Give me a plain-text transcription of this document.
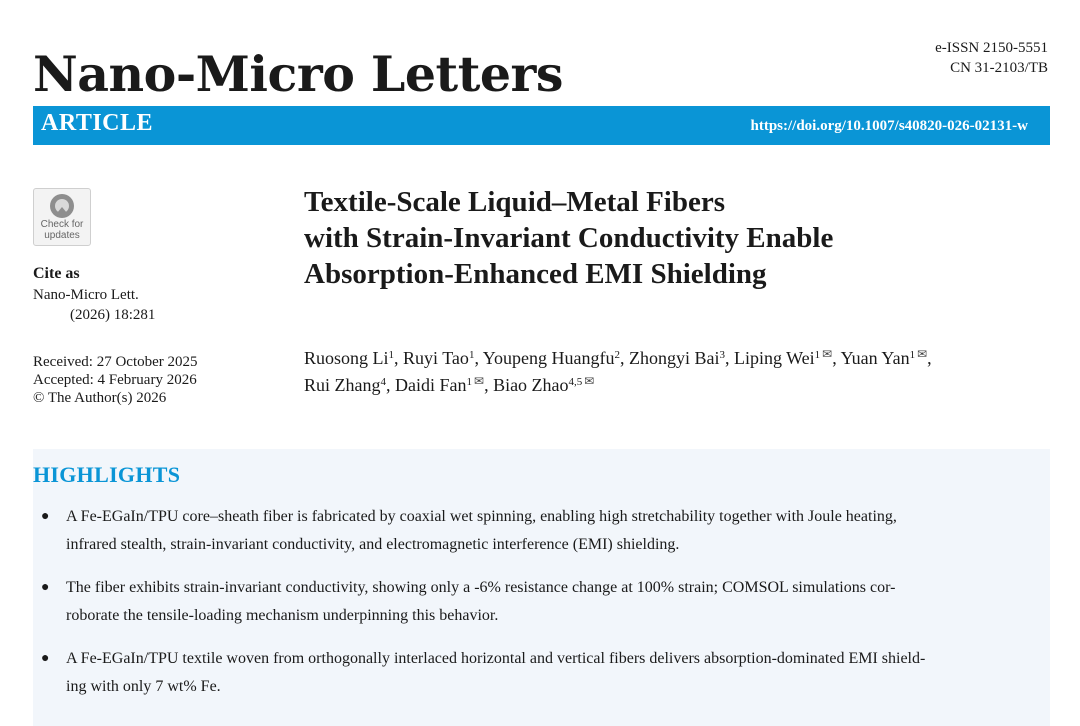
Nano-Micro Letters	e-ISSN 2150-5551
CN 31-2103/TB
ARTICLE	https://doi.org/10.1007/s40820-026-02131-w
Check for
updates
Cite as
Nano-Micro Lett.
(2026) 18:281
Received: 27 October 2025
Accepted: 4 February 2026
© The Author(s) 2026
Textile-Scale Liquid–Metal Fibers
with Strain-Invariant Conductivity Enable
Absorption-Enhanced EMI Shielding
Ruosong Li$^1$, Ruyi Tao$^1$, Youpeng Huangfu$^2$, Zhongyi Bai$^3$, Liping Wei$^1$ ✉, Yuan Yan$^1$ ✉,
Rui Zhang$^4$, Daidi Fan$^1$ ✉, Biao Zhao$^{4,5}$ ✉
HIGHLIGHTS
● A Fe-EGaIn/TPU core–sheath fiber is fabricated by coaxial wet spinning, enabling high stretchability together with Joule heating,
infrared stealth, strain-invariant conductivity, and electromagnetic interference (EMI) shielding.
● The fiber exhibits strain-invariant conductivity, showing only a -6% resistance change at 100% strain; COMSOL simulations cor-
roborate the tensile-loading mechanism underpinning this behavior.
● A Fe-EGaIn/TPU textile woven from orthogonally interlaced horizontal and vertical fibers delivers absorption-dominated EMI shield-
ing with only 7 wt% Fe.
